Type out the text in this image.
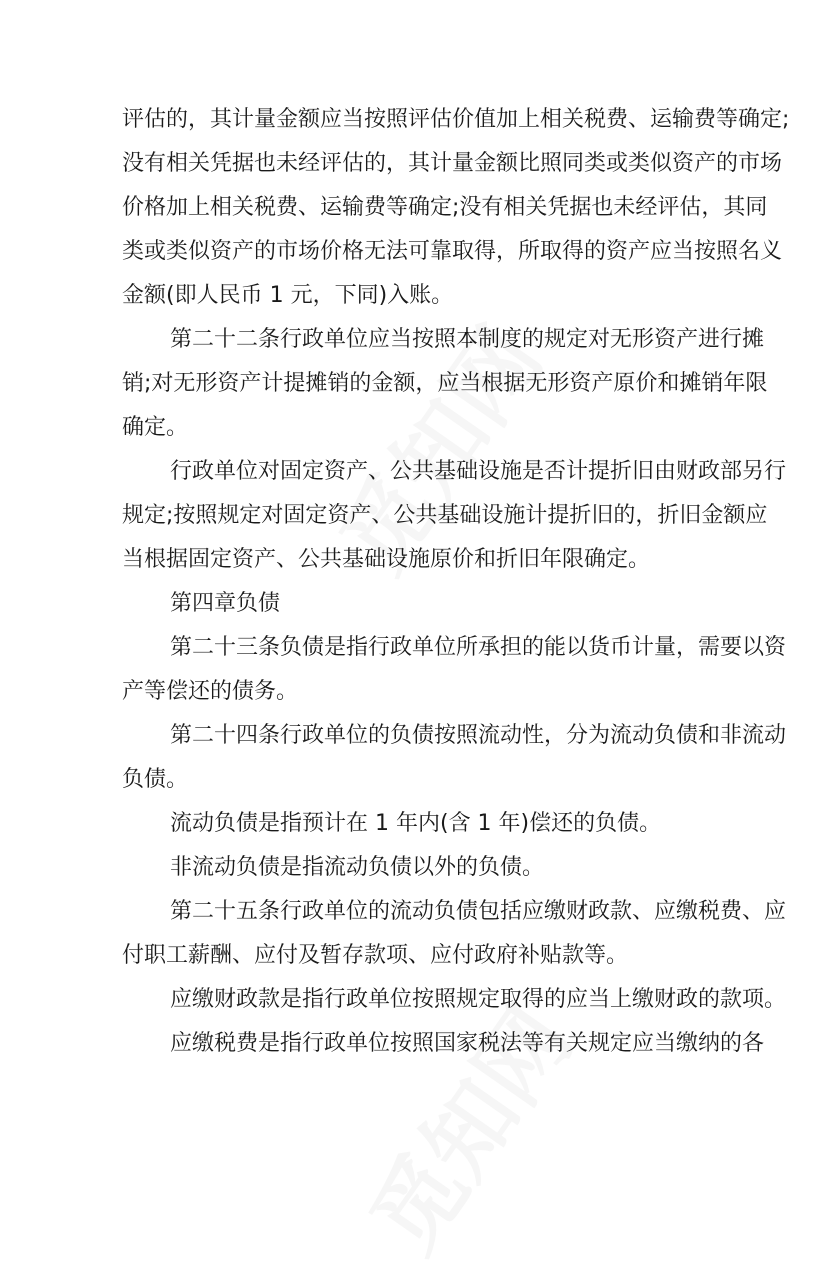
评估的，其计量金额应当按照评估价值加上相关税费、运输费等确定;
没有相关凭据也未经评估的，其计量金额比照同类或类似资产的市场
价格加上相关税费、运输费等确定;没有相关凭据也未经评估，其同
类或类似资产的市场价格无法可靠取得，所取得的资产应当按照名义
金额(即人民币 1 元，下同)入账。
第二十二条行政单位应当按照本制度的规定对无形资产进行摊
销;对无形资产计提摊销的金额，应当根据无形资产原价和摊销年限
确定。
行政单位对固定资产、公共基础设施是否计提折旧由财政部另行
规定;按照规定对固定资产、公共基础设施计提折旧的，折旧金额应
当根据固定资产、公共基础设施原价和折旧年限确定。
第四章负债
第二十三条负债是指行政单位所承担的能以货币计量，需要以资
产等偿还的债务。
第二十四条行政单位的负债按照流动性，分为流动负债和非流动
负债。
流动负债是指预计在 1 年内(含 1 年)偿还的负债。
非流动负债是指流动负债以外的负债。
第二十五条行政单位的流动负债包括应缴财政款、应缴税费、应
付职工薪酬、应付及暂存款项、应付政府补贴款等。
应缴财政款是指行政单位按照规定取得的应当上缴财政的款项。
应缴税费是指行政单位按照国家税法等有关规定应当缴纳的各
